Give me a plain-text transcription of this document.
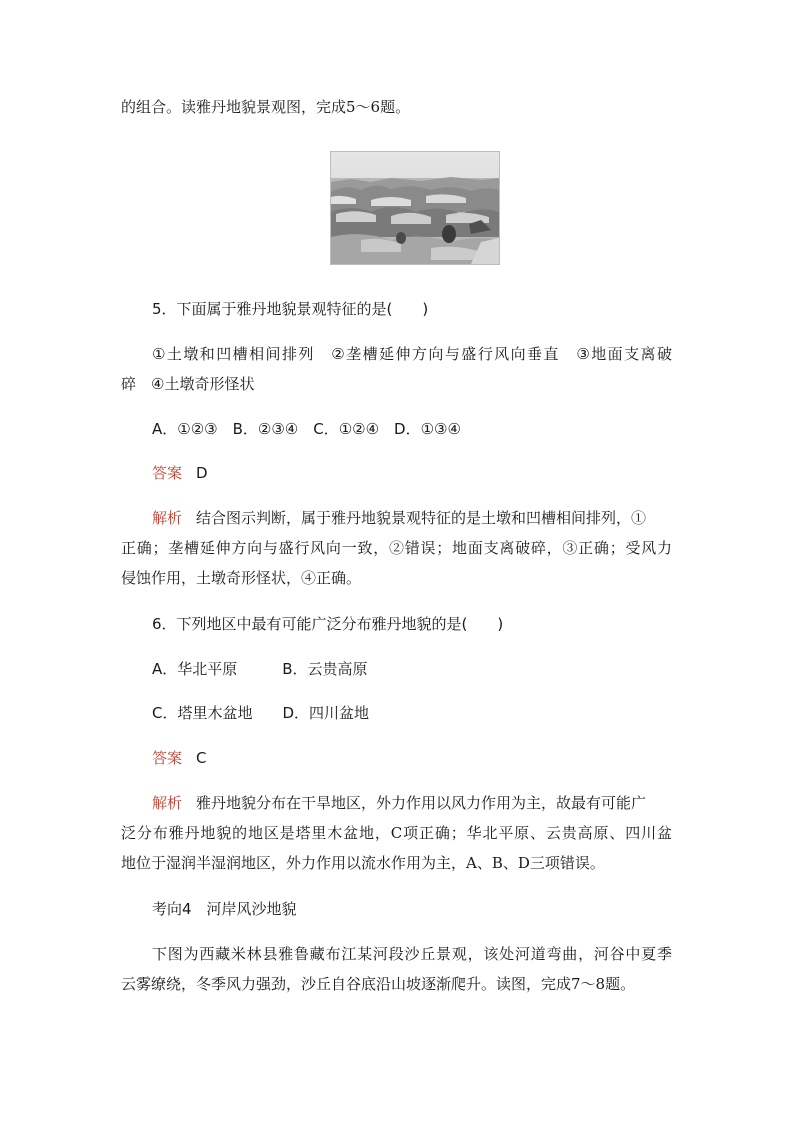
的组合。读雅丹地貌景观图，完成5～6题。
5．下面属于雅丹地貌景观特征的是(　　)
①土墩和凹槽相间排列　②垄槽延伸方向与盛行风向垂直　③地面支离破
碎　④土墩奇形怪状
A．①②③　B．②③④　C．①②④　D．①③④
答案 D
解析 结合图示判断，属于雅丹地貌景观特征的是土墩和凹槽相间排列，①
正确；垄槽延伸方向与盛行风向一致，②错误；地面支离破碎，③正确；受风力
侵蚀作用，土墩奇形怪状，④正确。
6．下列地区中最有可能广泛分布雅丹地貌的是(　　)
A．华北平原　　　B．云贵高原
C．塔里木盆地　　D．四川盆地
答案 C
解析 雅丹地貌分布在干旱地区，外力作用以风力作用为主，故最有可能广
泛分布雅丹地貌的地区是塔里木盆地，C项正确；华北平原、云贵高原、四川盆
地位于湿润半湿润地区，外力作用以流水作用为主，A、B、D三项错误。
考向4　河岸风沙地貌
下图为西藏米林县雅鲁藏布江某河段沙丘景观，该处河道弯曲，河谷中夏季
云雾缭绕，冬季风力强劲，沙丘自谷底沿山坡逐渐爬升。读图，完成7～8题。
